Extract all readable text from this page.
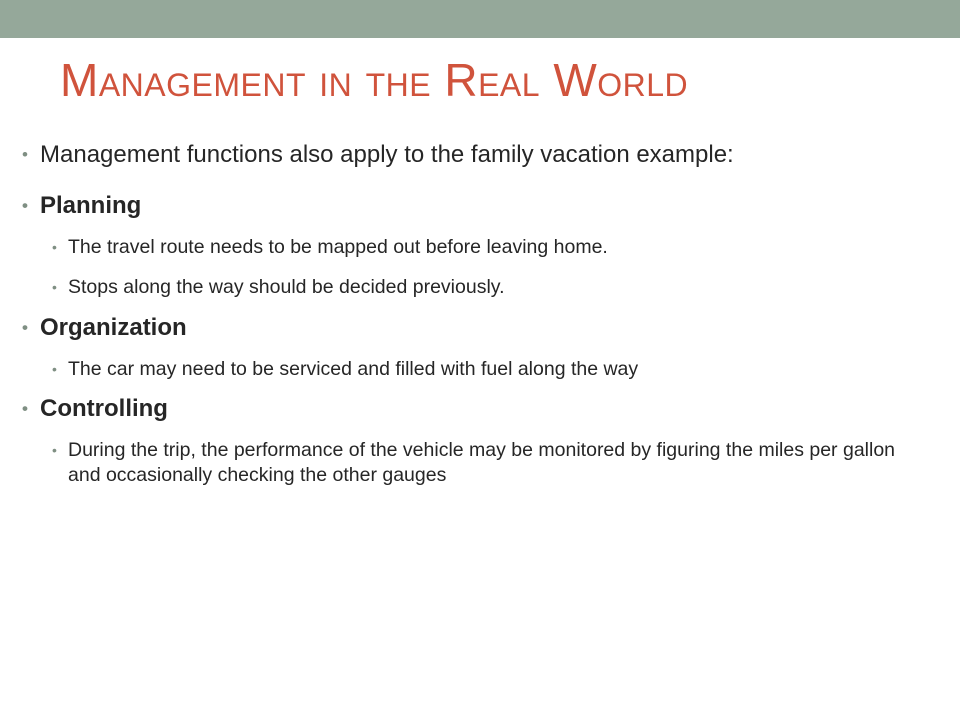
Management in the Real World
• Management functions also apply to the family vacation example:
• Planning
• The travel route needs to be mapped out before leaving home.
• Stops along the way should be decided previously.
• Organization
• The car may need to be serviced and filled with fuel along the way
• Controlling
• During the trip, the performance of the vehicle may be monitored by figuring the miles per gallon and occasionally checking the other gauges
